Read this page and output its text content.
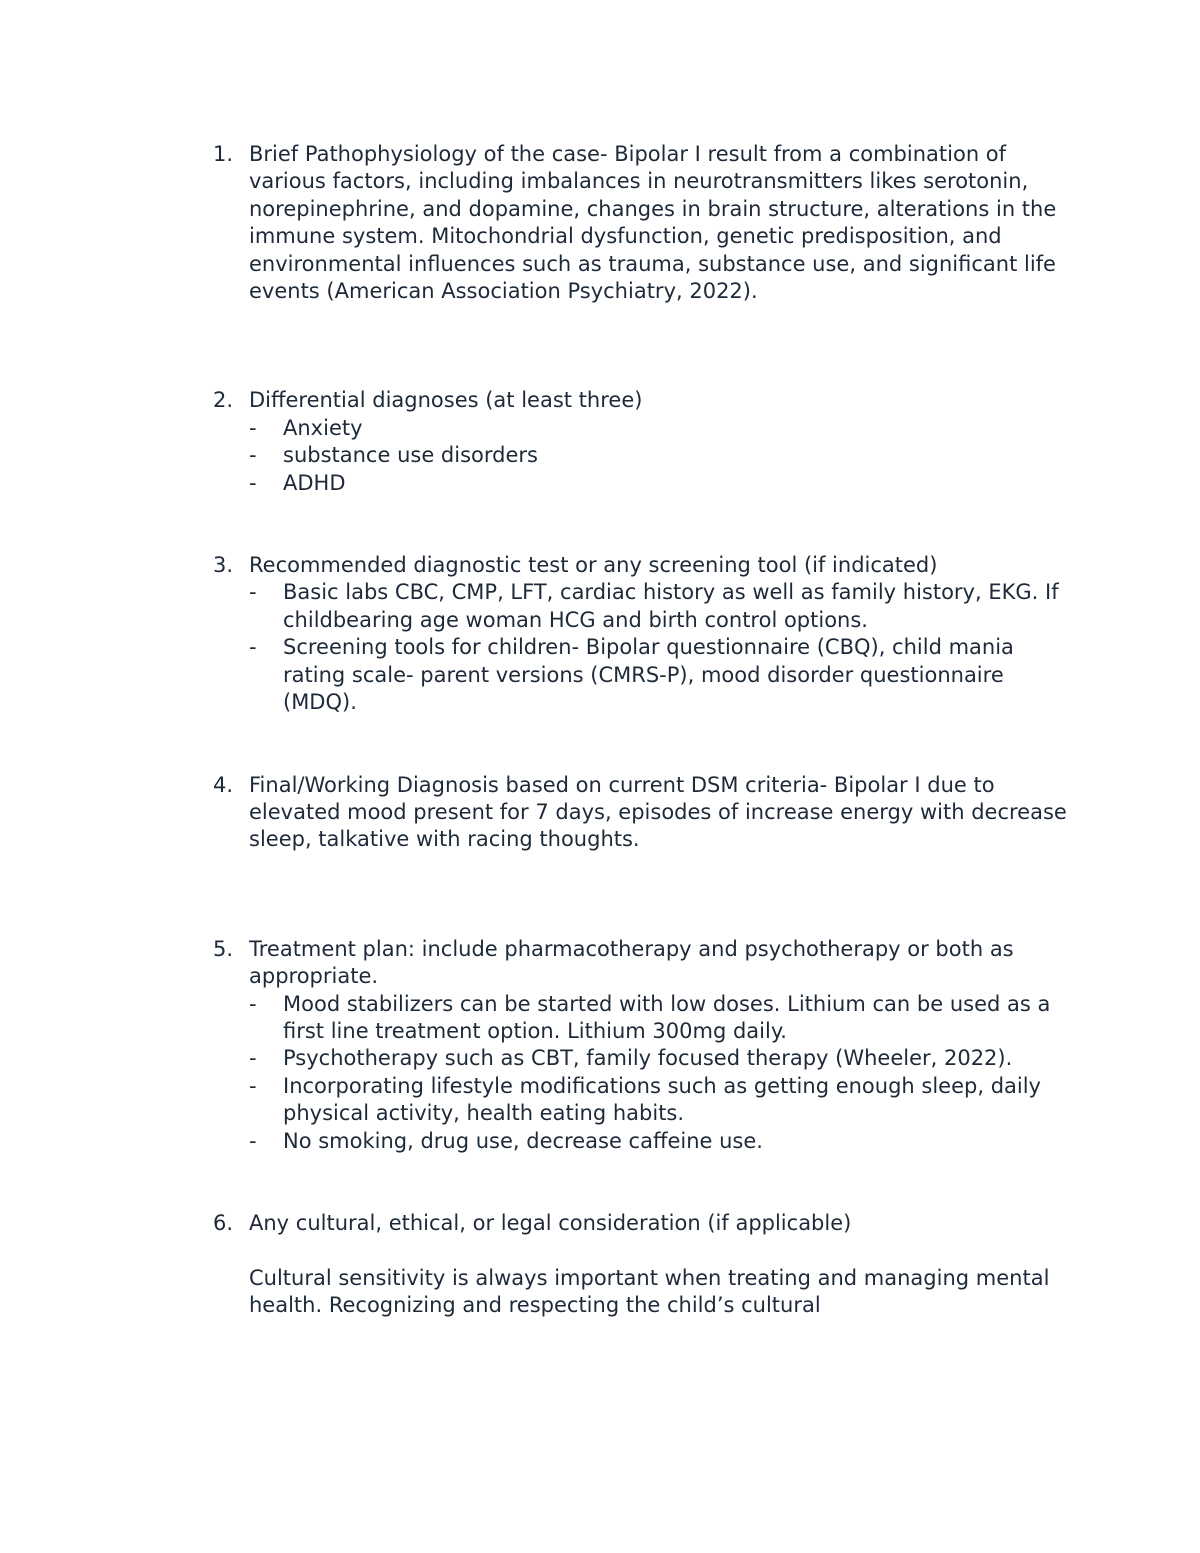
1. Brief Pathophysiology of the case- Bipolar I result from a combination of various factors, including imbalances in neurotransmitters likes serotonin, norepinephrine, and dopamine, changes in brain structure, alterations in the immune system. Mitochondrial dysfunction, genetic predisposition, and environmental influences such as trauma, substance use, and significant life events (American Association Psychiatry, 2022).
2. Differential diagnoses (at least three)
- Anxiety
- substance use disorders
- ADHD
3. Recommended diagnostic test or any screening tool (if indicated)
- Basic labs CBC, CMP, LFT, cardiac history as well as family history, EKG. If childbearing age woman HCG and birth control options.
- Screening tools for children- Bipolar questionnaire (CBQ), child mania rating scale- parent versions (CMRS-P), mood disorder questionnaire (MDQ).
4. Final/Working Diagnosis based on current DSM criteria- Bipolar I due to elevated mood present for 7 days, episodes of increase energy with decrease sleep, talkative with racing thoughts.
5. Treatment plan: include pharmacotherapy and psychotherapy or both as appropriate.
- Mood stabilizers can be started with low doses. Lithium can be used as a first line treatment option. Lithium 300mg daily.
- Psychotherapy such as CBT, family focused therapy (Wheeler, 2022).
- Incorporating lifestyle modifications such as getting enough sleep, daily physical activity, health eating habits.
- No smoking, drug use, decrease caffeine use.
6. Any cultural, ethical, or legal consideration (if applicable)
Cultural sensitivity is always important when treating and managing mental health. Recognizing and respecting the child’s cultural
